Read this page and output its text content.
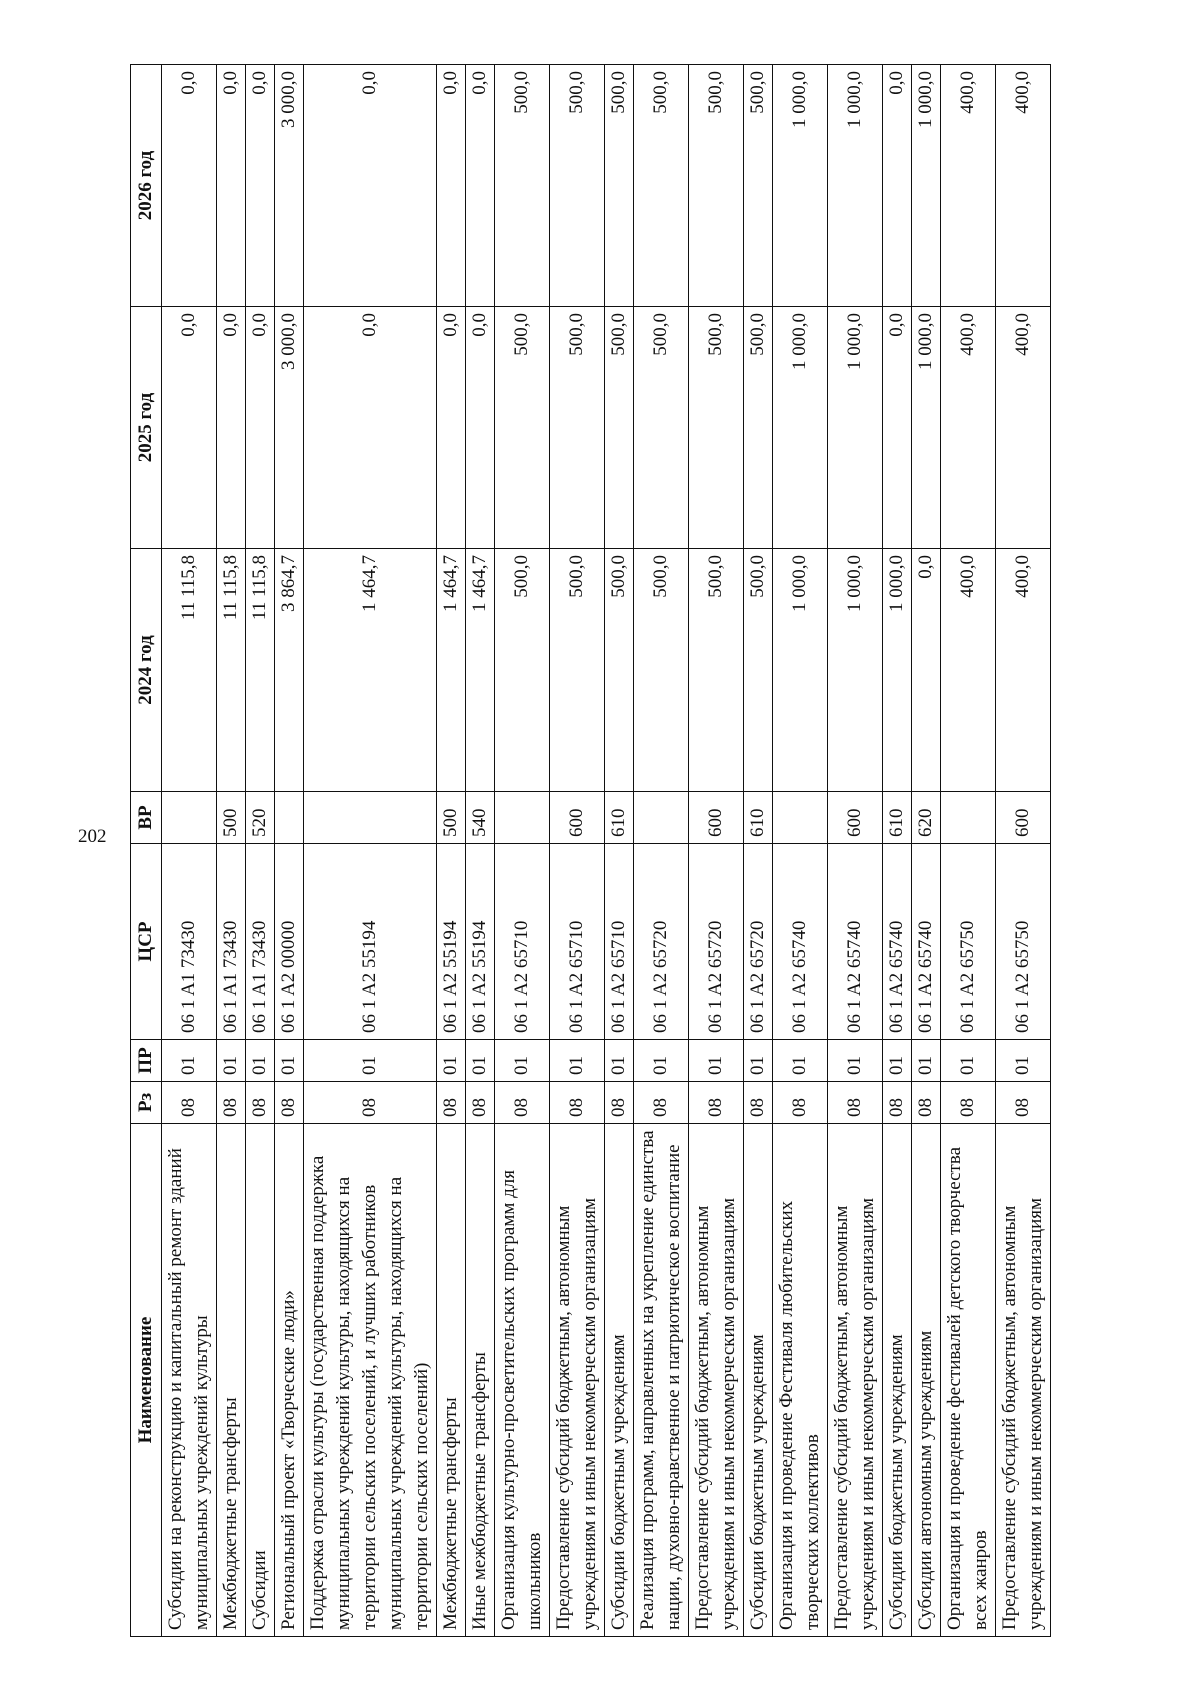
202
Наименование	Рз	ПР	ЦСР	ВР	2024 год	2025 год	2026 год
Субсидии на реконструкцию и капитальный ремонт зданий муниципальных учреждений культуры	08	01	06 1 A1 73430		11 115,8	0,0	0,0
Межбюджетные трансферты	08	01	06 1 A1 73430	500	11 115,8	0,0	0,0
Субсидии	08	01	06 1 A1 73430	520	11 115,8	0,0	0,0
Региональный проект «Творческие люди»	08	01	06 1 A2 00000		3 864,7	3 000,0	3 000,0
Поддержка отрасли культуры (государственная поддержка муниципальных учреждений культуры, находящихся на территории сельских поселений, и лучших работников муниципальных учреждений культуры, находящихся на территории сельских поселений)	08	01	06 1 A2 55194		1 464,7	0,0	0,0
Межбюджетные трансферты	08	01	06 1 A2 55194	500	1 464,7	0,0	0,0
Иные межбюджетные трансферты	08	01	06 1 A2 55194	540	1 464,7	0,0	0,0
Организация культурно-просветительских программ для школьников	08	01	06 1 A2 65710		500,0	500,0	500,0
Предоставление субсидий бюджетным, автономным учреждениям и иным некоммерческим организациям	08	01	06 1 A2 65710	600	500,0	500,0	500,0
Субсидии бюджетным учреждениям	08	01	06 1 A2 65710	610	500,0	500,0	500,0
Реализация программ, направленных на укрепление единства нации, духовно-нравственное и патриотическое воспитание	08	01	06 1 A2 65720		500,0	500,0	500,0
Предоставление субсидий бюджетным, автономным учреждениям и иным некоммерческим организациям	08	01	06 1 A2 65720	600	500,0	500,0	500,0
Субсидии бюджетным учреждениям	08	01	06 1 A2 65720	610	500,0	500,0	500,0
Организация и проведение Фестиваля любительских творческих коллективов	08	01	06 1 A2 65740		1 000,0	1 000,0	1 000,0
Предоставление субсидий бюджетным, автономным учреждениям и иным некоммерческим организациям	08	01	06 1 A2 65740	600	1 000,0	1 000,0	1 000,0
Субсидии бюджетным учреждениям	08	01	06 1 A2 65740	610	1 000,0	0,0	0,0
Субсидии автономным учреждениям	08	01	06 1 A2 65740	620	0,0	1 000,0	1 000,0
Организация и проведение фестивалей детского творчества всех жанров	08	01	06 1 A2 65750		400,0	400,0	400,0
Предоставление субсидий бюджетным, автономным учреждениям и иным некоммерческим организациям	08	01	06 1 A2 65750	600	400,0	400,0	400,0
